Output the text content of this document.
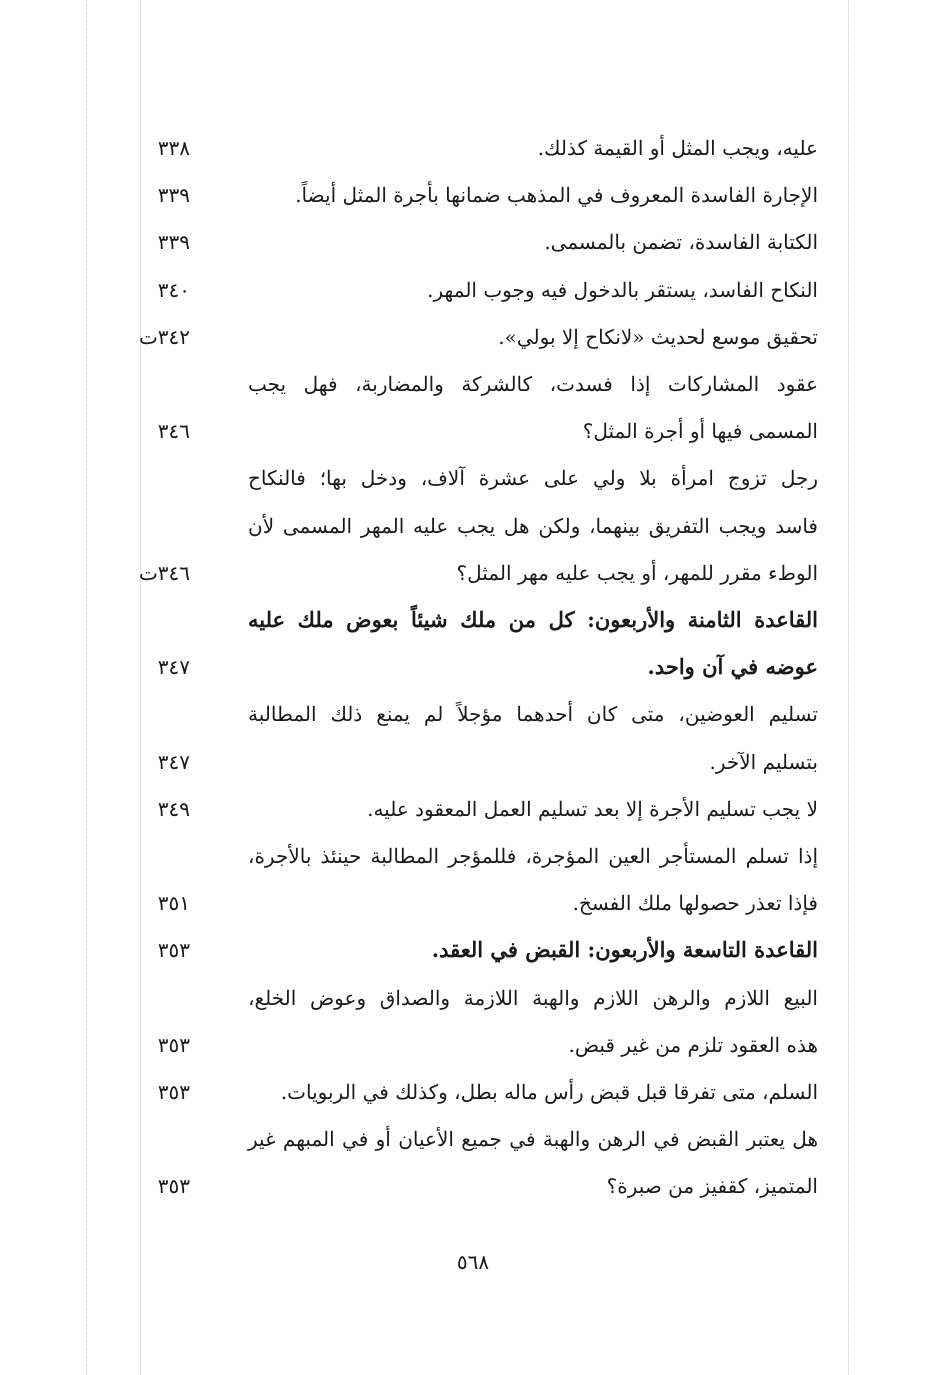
عليه، ويجب المثل أو القيمة كذلك.
٣٣٨
الإجارة الفاسدة المعروف في المذهب ضمانها بأجرة المثل أيضاً.
٣٣٩
الكتابة الفاسدة، تضمن بالمسمى.
٣٣٩
النكاح الفاسد، يستقر بالدخول فيه وجوب المهر.
٣٤٠
تحقيق موسع لحديث «لانكاح إلا بولي».
٣٤٢ت
عقود المشاركات إذا فسدت، كالشركة والمضاربة، فهل يجب
المسمى فيها أو أجرة المثل؟
٣٤٦
رجل تزوج امرأة بلا ولي على عشرة آلاف، ودخل بها؛ فالنكاح
فاسد ويجب التفريق بينهما، ولكن هل يجب عليه المهر المسمى لأن
الوطء مقرر للمهر، أو يجب عليه مهر المثل؟
٣٤٦ت
القاعدة الثامنة والأربعون: كل من ملك شيئاً بعوض ملك عليه
عوضه في آن واحد.
٣٤٧
تسليم العوضين، متى كان أحدهما مؤجلاً لم يمنع ذلك المطالبة
بتسليم الآخر.
٣٤٧
لا يجب تسليم الأجرة إلا بعد تسليم العمل المعقود عليه.
٣٤٩
إذا تسلم المستأجر العين المؤجرة، فللمؤجر المطالبة حينئذ بالأجرة،
فإذا تعذر حصولها ملك الفسخ.
٣٥١
القاعدة التاسعة والأربعون: القبض في العقد.
٣٥٣
البيع اللازم والرهن اللازم والهبة اللازمة والصداق وعوض الخلع،
هذه العقود تلزم من غير قبض.
٣٥٣
السلم، متى تفرقا قبل قبض رأس ماله بطل، وكذلك في الربويات.
٣٥٣
هل يعتبر القبض في الرهن والهبة في جميع الأعيان أو في المبهم غير
المتميز، كقفيز من صبرة؟
٣٥٣
٥٦٨
